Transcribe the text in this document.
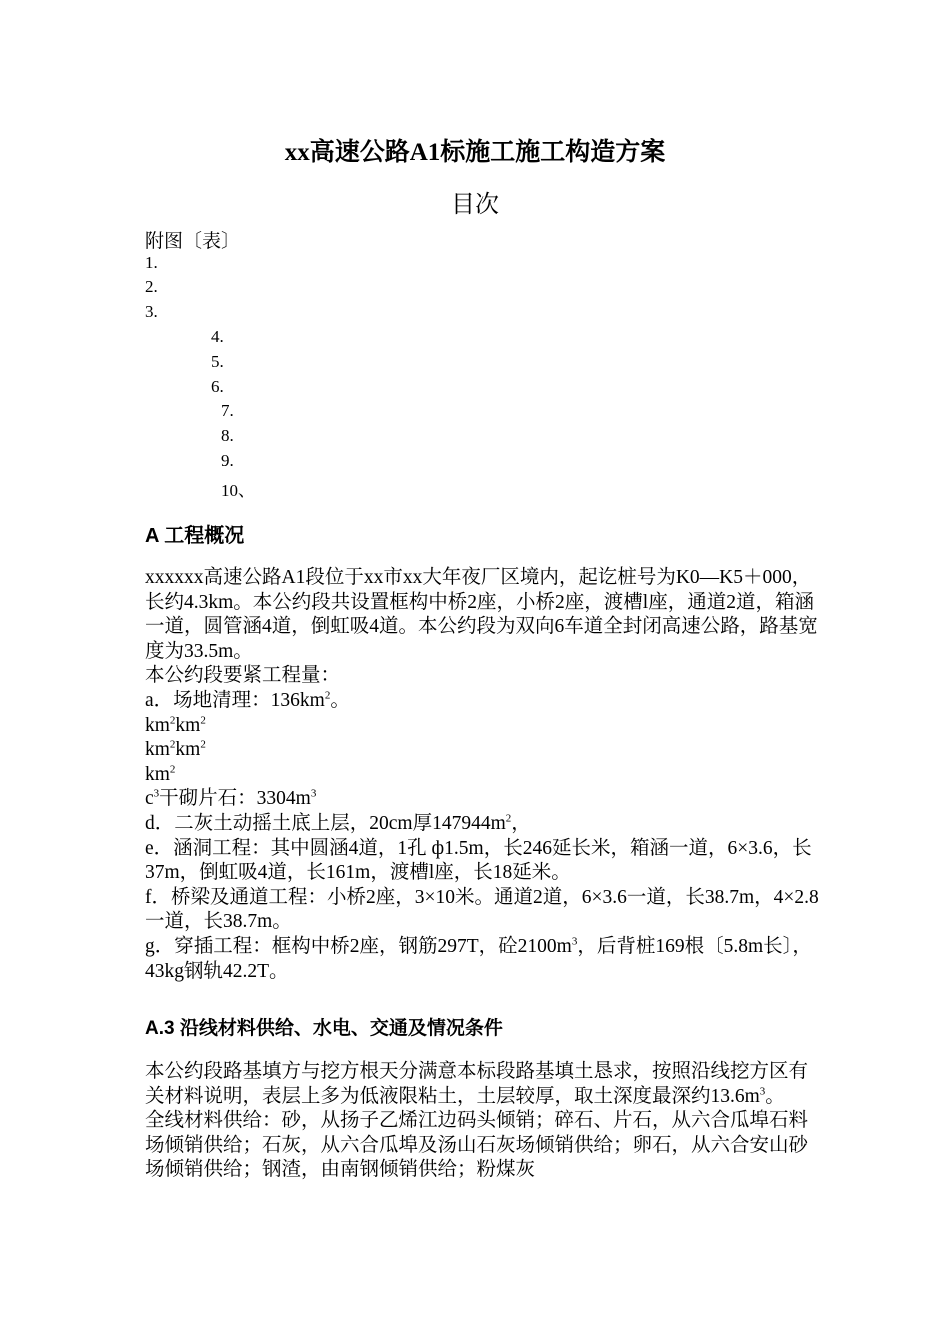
xx高速公路A1标施工施工构造方案
目次
附图〔表〕
1.
2.
3.
4.
5.
6.
7.
8.
9.
10、
A 工程概况

xxxxxx高速公路A1段位于xx市xx大年夜厂区境内，起讫桩号为K0—K5＋000，长约4.3km。本公约段共设置框构中桥2座，小桥2座，渡槽l座，通道2道，箱涵一道，圆管涵4道，倒虹吸4道。本公约段为双向6车道全封闭高速公路，路基宽度为33.5m。

本公约段要紧工程量：

a．场地清理：$136km^2$。

$km^2km^2$

$km^2km^2$

$km^2$

$c^3$干砌片石：$3304m^3$

d．二灰土动摇土底上层，20cm厚$147944m^2$，

e．涵洞工程：其中圆涵4道，1孔 ф1.5m，长246延长米，箱涵一道，6×3.6，长37m，倒虹吸4道，长161m，渡槽l座，长18延米。

f．桥梁及通道工程：小桥2座，3×10米。通道2道，6×3.6一道，长38.7m，4×2.8一道，长38.7m。

g．穿插工程：框构中桥2座，钢筋297T，砼$2100m^3$，后背桩169根〔5.8m长〕，43kg钢轨42.2T。

A.3 沿线材料供给、水电、交通及情况条件

本公约段路基填方与挖方根天分满意本标段路基填土恳求，按照沿线挖方区有关材料说明，表层上多为低液限粘土，土层较厚，取土深度最深约$13.6m^3$。

全线材料供给：砂，从扬子乙烯江边码头倾销；碎石、片石，从六合瓜埠石料场倾销供给；石灰，从六合瓜埠及汤山石灰场倾销供给；卵石，从六合安山砂场倾销供给；钢渣，由南钢倾销供给；粉煤灰
